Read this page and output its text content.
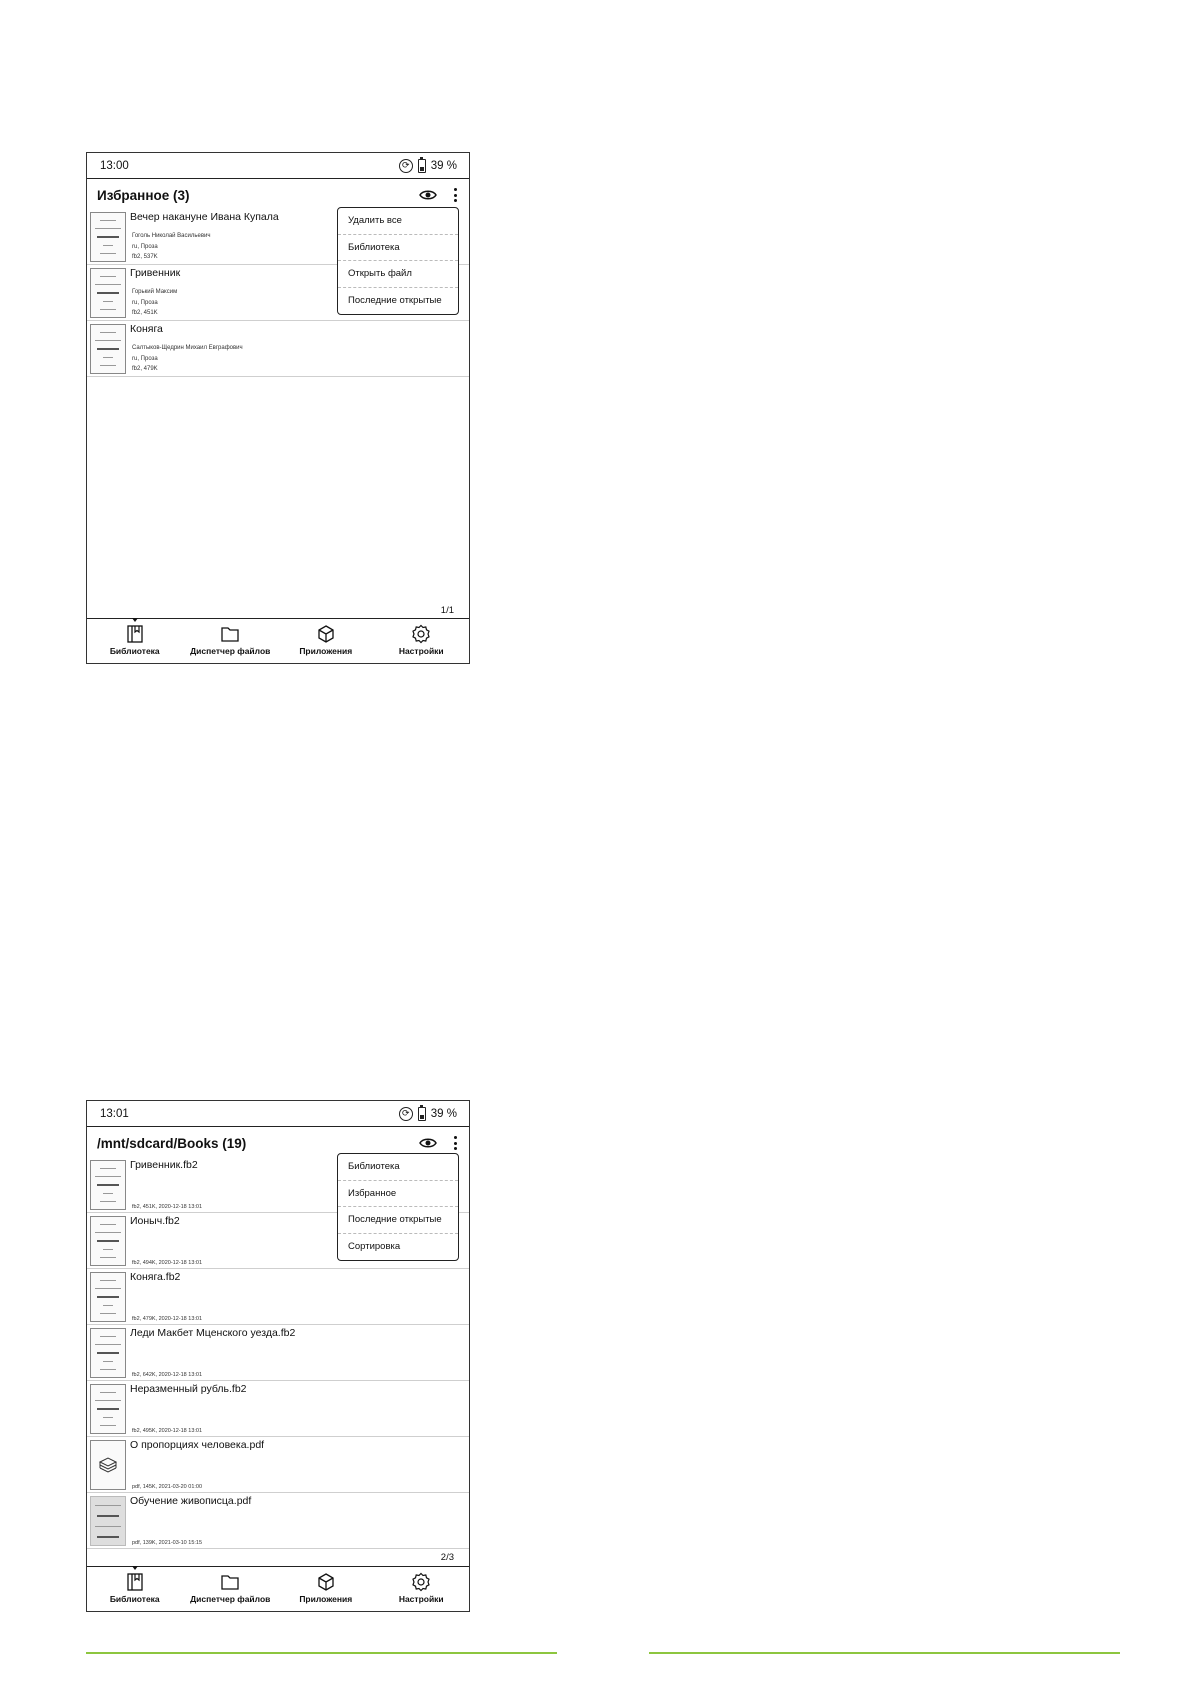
13:00	⟳ 39 %
Избранное (3)
Вечер накануне Ивана Купала
Гоголь Николай Васильевич
ru, Проза
fb2, 537K
Гривенник
Горький Максим
ru, Проза
fb2, 451K
Коняга
Салтыков-Щедрин Михаил Евграфович
ru, Проза
fb2, 479K
Удалить все
Библиотека
Открыть файл
Последние открытые
1/1
Библиотека	Диспетчер файлов	Приложения	Настройки
13:01	⟳ 39 %
/mnt/sdcard/Books (19)
Гривенник.fb2
fb2, 451K, 2020-12-18 13:01
Ионыч.fb2
fb2, 494K, 2020-12-18 13:01
Коняга.fb2
fb2, 479K, 2020-12-18 13:01
Леди Макбет Мценского уезда.fb2
fb2, 642K, 2020-12-18 13:01
Неразменный рубль.fb2
fb2, 495K, 2020-12-18 13:01
О пропорциях человека.pdf
pdf, 145K, 2021-03-20 01:00
Обучение живописца.pdf
pdf, 139K, 2021-03-10 15:15
Библиотека
Избранное
Последние открытые
Сортировка
2/3
Библиотека	Диспетчер файлов	Приложения	Настройки
